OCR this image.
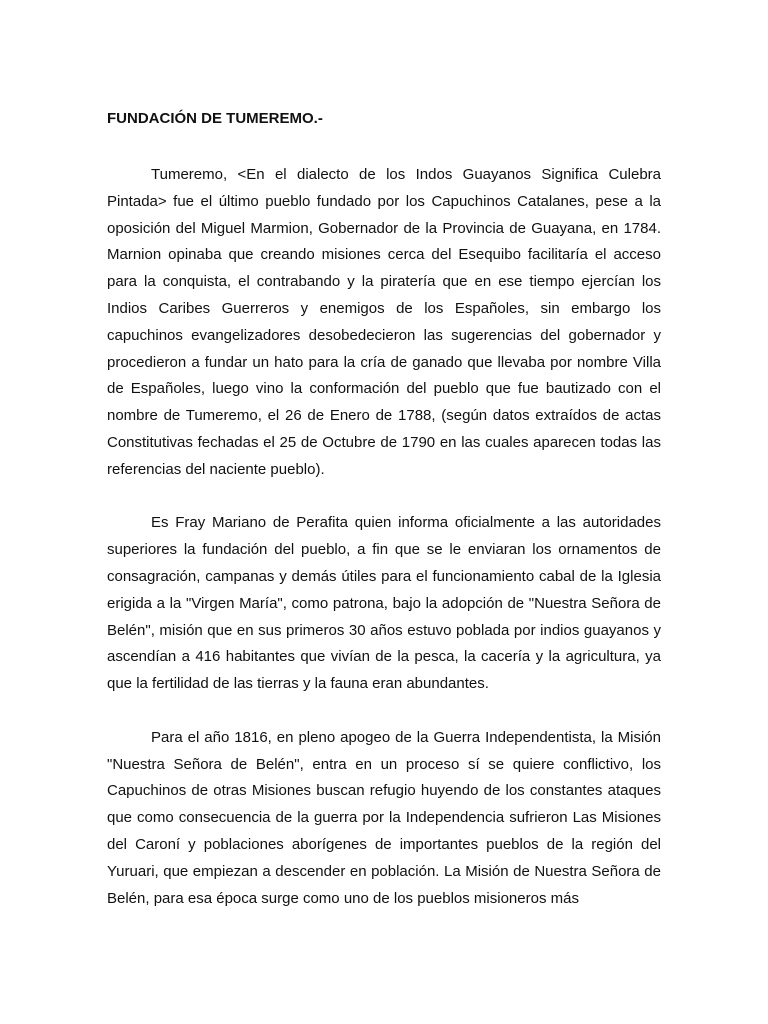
FUNDACIÓN DE TUMEREMO.-

Tumeremo, <En el dialecto de los Indos Guayanos Significa Culebra Pintada> fue el último pueblo fundado por los Capuchinos Catalanes, pese a la oposición del Miguel Marmion, Gobernador de la Provincia de Guayana, en 1784. Marnion opinaba que creando misiones cerca del Esequibo facilitaría el acceso para la conquista, el contrabando y la piratería que en ese tiempo ejercían los Indios Caribes Guerreros y enemigos de los Españoles, sin embargo los capuchinos evangelizadores desobedecieron las sugerencias del gobernador y procedieron a fundar un hato para la cría de ganado que llevaba por nombre Villa de Españoles, luego vino la conformación del pueblo que fue bautizado con el nombre de Tumeremo, el 26 de Enero de 1788, (según datos extraídos de actas Constitutivas fechadas el 25 de Octubre de 1790 en las cuales aparecen todas las referencias del naciente pueblo).

Es Fray Mariano de Perafita quien informa oficialmente a las autoridades superiores la fundación del pueblo, a fin que se le enviaran los ornamentos de consagración, campanas y demás útiles para el funcionamiento cabal de la Iglesia erigida a la "Virgen María", como patrona, bajo la adopción de "Nuestra Señora de Belén", misión que en sus primeros 30 años estuvo poblada por indios guayanos y ascendían a 416 habitantes que vivían de la pesca, la cacería y la agricultura, ya que la fertilidad de las tierras y la fauna eran abundantes.

Para el año 1816, en pleno apogeo de la Guerra Independentista, la Misión "Nuestra Señora de Belén", entra en un proceso sí se quiere conflictivo, los Capuchinos de otras Misiones buscan refugio huyendo de los constantes ataques que como consecuencia de la guerra por la Independencia sufrieron Las Misiones del Caroní y poblaciones aborígenes de importantes pueblos de la región del Yuruari, que empiezan a descender en población. La Misión de Nuestra Señora de Belén, para esa época surge como uno de los pueblos misioneros más
